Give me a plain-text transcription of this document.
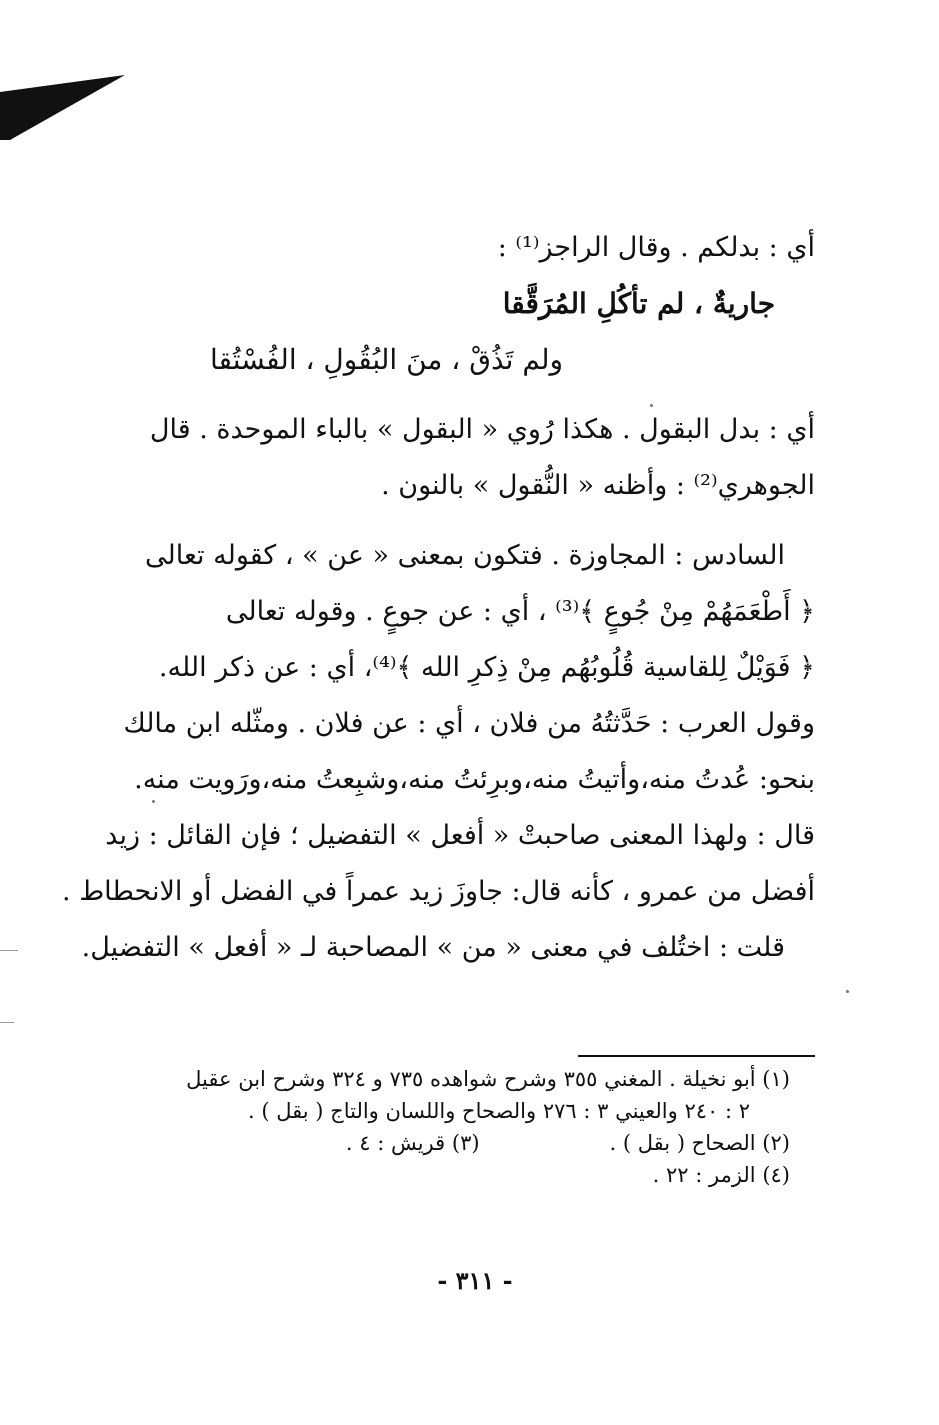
أي : بدلكم . وقال الراجز⁽¹⁾ :
جاريةٌ ، لم تأكُلِ المُرَقَّقا
ولم تَذُقْ ، منَ البُقُولِ ، الفُسْتُقا
أي : بدل البقول . هكذا رُوي « البقول » بالباء الموحدة . قال
الجوهري⁽²⁾ : وأظنه « النُّقول » بالنون .
السادس : المجاوزة . فتكون بمعنى « عن » ، كقوله تعالى
﴿ أَطْعَمَهُمْ مِنْ جُوعٍ ﴾⁽³⁾ ، أي : عن جوعٍ . وقوله تعالى
﴿ فَوَيْلٌ لِلقاسية قُلُوبُهُم مِنْ ذِكرِ الله ﴾⁽⁴⁾، أي : عن ذكر الله.
وقول العرب : حَدَّثتُهُ من فلان ، أي : عن فلان . ومثّله ابن مالك
بنحو: عُدتُ منه،وأتيتُ منه،وبرِئتُ منه،وشبِعتُ منه،ورَويت منه.
قال : ولهذا المعنى صاحبتْ « أفعل » التفضيل ؛ فإن القائل : زيد
أفضل من عمرو ، كأنه قال: جاوزَ زيد عمراً في الفضل أو الانحطاط .
قلت : اختُلف في معنى « من » المصاحبة لـ « أفعل » التفضيل.
(١) أبو نخيلة . المغني ٣٥٥ وشرح شواهده ٧٣٥ و ٣٢٤ وشرح ابن عقيل
٢ : ٢٤٠ والعيني ٣ : ٢٧٦ والصحاح واللسان والتاج ( بقل ) .
(٢) الصحاح ( بقل ) .(٣) قريش : ٤ .
(٤) الزمر : ٢٢ .
- ٣١١ -
